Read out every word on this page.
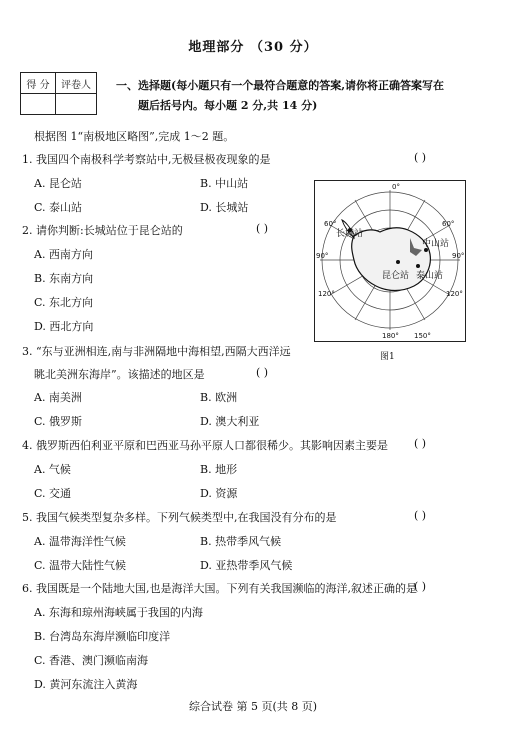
地理部分 （30 分）
得 分	评卷人
	一、选择题(每小题只有一个最符合题意的答案,请你将正确答案写在
题后括号内。每小题 2 分,共 14 分)
根据图 1“南极地区略图”,完成 1～2 题。
1. 我国四个南极科学考察站中,无极昼极夜现象的是	( )
A. 昆仑站	B. 中山站
C. 泰山站	D. 长城站
2. 请你判断:长城站位于昆仑站的	( )
A. 西南方向
B. 东南方向
C. 东北方向
D. 西北方向
3. “东与亚洲相连,南与非洲隔地中海相望,西隔大西洋远
眺北美洲东海岸”。该描述的地区是	( )
A. 南美洲	B. 欧洲
C. 俄罗斯	D. 澳大利亚
4. 俄罗斯西伯利亚平原和巴西亚马孙平原人口都很稀少。其影响因素主要是 ( )
A. 气候	B. 地形
C. 交通	D. 资源
5. 我国气候类型复杂多样。下列气候类型中,在我国没有分布的是	( )
A. 温带海洋性气候	B. 热带季风气候
C. 温带大陆性气候	D. 亚热带季风气候
6. 我国既是一个陆地大国,也是海洋大国。下列有关我国濒临的海洋,叙述正确的是
( )
A. 东海和琼州海峡属于我国的内海
B. 台湾岛东海岸濒临印度洋
C. 香港、澳门濒临南海
D. 黄河东流注入黄海
长城站
昆仑站
中山站
泰山站
0°
60°	60°
90°	90°
120°	120°
180° 150°
图1
综合试卷 第 5 页(共 8 页)
